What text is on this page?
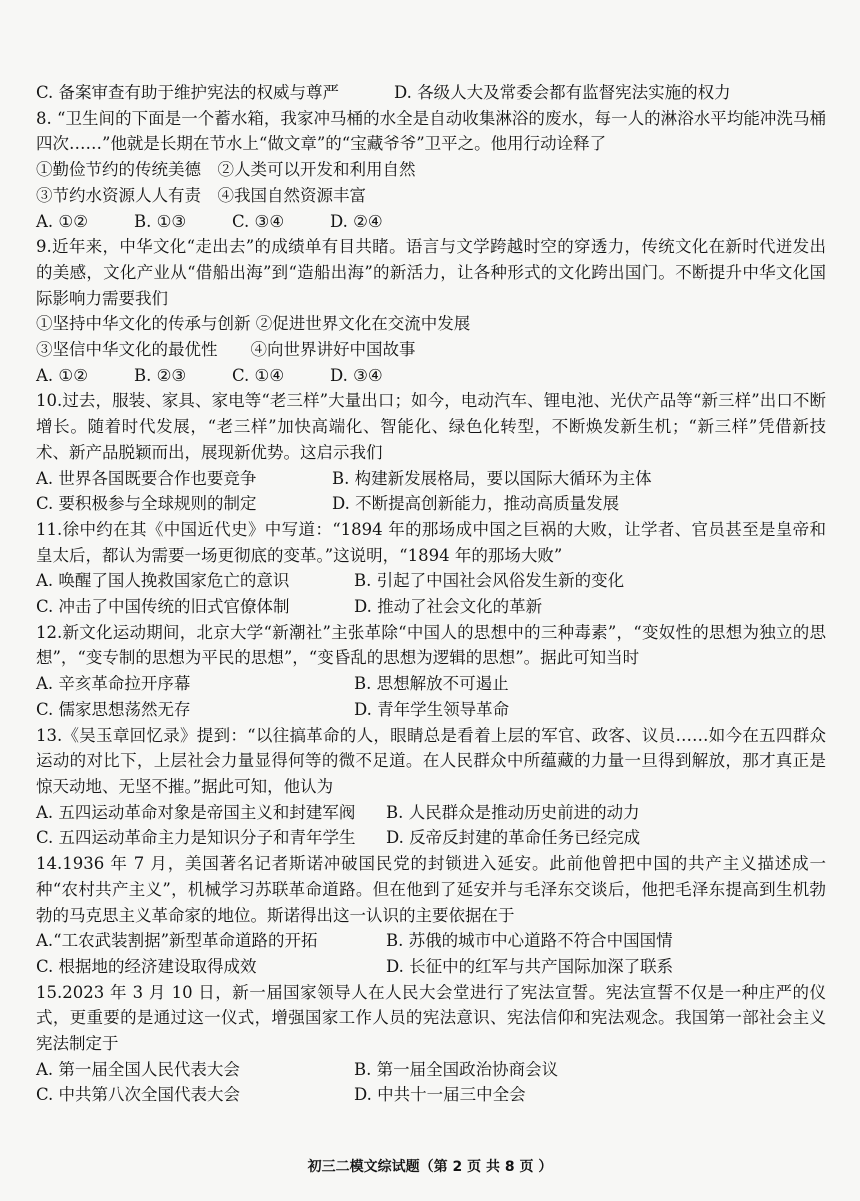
C. 备案审查有助于维护宪法的权威与尊严	D. 各级人大及常委会都有监督宪法实施的权力
8. “卫生间的下面是一个蓄水箱，我家冲马桶的水全是自动收集淋浴的废水，每一人的淋浴水平均能冲洗马桶四次……”他就是长期在节水上“做文章”的“宝藏爷爷”卫平之。他用行动诠释了
①勤俭节约的传统美德　②人类可以开发和利用自然
③节约水资源人人有责　④我国自然资源丰富
A. ①②	B. ①③	C. ③④	D. ②④
9.近年来，中华文化“走出去”的成绩单有目共睹。语言与文学跨越时空的穿透力，传统文化在新时代迸发出的美感，文化产业从“借船出海”到“造船出海”的新活力，让各种形式的文化跨出国门。不断提升中华文化国际影响力需要我们
①坚持中华文化的传承与创新 ②促进世界文化在交流中发展
③坚信中华文化的最优性　　④向世界讲好中国故事
A. ①②	B. ②③	C. ①④	D. ③④
10.过去，服装、家具、家电等“老三样”大量出口；如今，电动汽车、锂电池、光伏产品等“新三样”出口不断增长。随着时代发展，“老三样”加快高端化、智能化、绿色化转型，不断焕发新生机；“新三样”凭借新技术、新产品脱颖而出，展现新优势。这启示我们
A. 世界各国既要合作也要竞争	B. 构建新发展格局，要以国际大循环为主体
C. 要积极参与全球规则的制定	D. 不断提高创新能力，推动高质量发展
11.徐中约在其《中国近代史》中写道：“1894 年的那场成中国之巨祸的大败，让学者、官员甚至是皇帝和皇太后，都认为需要一场更彻底的变革。”这说明，“1894 年的那场大败”
A. 唤醒了国人挽救国家危亡的意识	B. 引起了中国社会风俗发生新的变化
C. 冲击了中国传统的旧式官僚体制	D. 推动了社会文化的革新
12.新文化运动期间，北京大学“新潮社”主张革除“中国人的思想中的三种毒素”，“变奴性的思想为独立的思想”，“变专制的思想为平民的思想”，“变昏乱的思想为逻辑的思想”。据此可知当时
A. 辛亥革命拉开序幕	B. 思想解放不可遏止
C. 儒家思想荡然无存	D. 青年学生领导革命
13.《吴玉章回忆录》提到：“以往搞革命的人，眼睛总是看着上层的军官、政客、议员……如今在五四群众运动的对比下，上层社会力量显得何等的微不足道。在人民群众中所蕴藏的力量一旦得到解放，那才真正是惊天动地、无坚不摧。”据此可知，他认为
A. 五四运动革命对象是帝国主义和封建军阀	B. 人民群众是推动历史前进的动力
C. 五四运动革命主力是知识分子和青年学生	D. 反帝反封建的革命任务已经完成
14.1936 年 7 月，美国著名记者斯诺冲破国民党的封锁进入延安。此前他曾把中国的共产主义描述成一种“农村共产主义”，机械学习苏联革命道路。但在他到了延安并与毛泽东交谈后，他把毛泽东提高到生机勃勃的马克思主义革命家的地位。斯诺得出这一认识的主要依据在于
A.“工农武装割据”新型革命道路的开拓	B. 苏俄的城市中心道路不符合中国国情
C. 根据地的经济建设取得成效	D. 长征中的红军与共产国际加深了联系
15.2023 年 3 月 10 日，新一届国家领导人在人民大会堂进行了宪法宣誓。宪法宣誓不仅是一种庄严的仪式，更重要的是通过这一仪式，增强国家工作人员的宪法意识、宪法信仰和宪法观念。我国第一部社会主义宪法制定于
A. 第一届全国人民代表大会	B. 第一届全国政治协商会议
C. 中共第八次全国代表大会	D. 中共十一届三中全会
初三二模文综试题（第 2 页 共 8 页 ）
